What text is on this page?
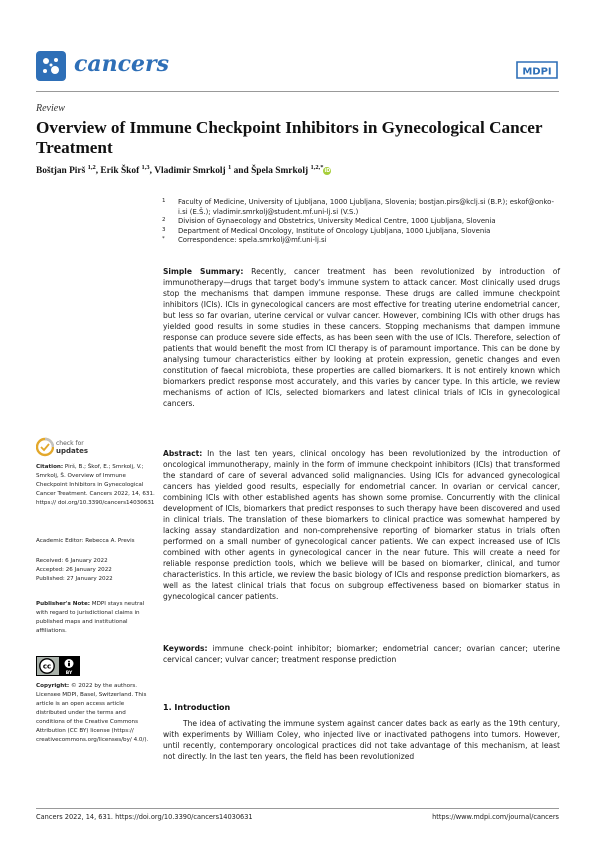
cancers	MDPI
Review
Overview of Immune Checkpoint Inhibitors in Gynecological Cancer Treatment
Boštjan Pirš $^{1,2}$, Erik Škof $^{1,3}$, Vladimir Smrkolj $^1$ and Špela Smrkolj $^{1,2,*}$iD
1 Faculty of Medicine, University of Ljubljana, 1000 Ljubljana, Slovenia; bostjan.pirs@kclj.si (B.P.); eskof@onko-i.si (E.Š.); vladimir.smrkolj@student.mf.uni-lj.si (V.S.)
2 Division of Gynaecology and Obstetrics, University Medical Centre, 1000 Ljubljana, Slovenia
3 Department of Medical Oncology, Institute of Oncology Ljubljana, 1000 Ljubljana, Slovenia
* Correspondence: spela.smrkolj@mf.uni-lj.si
Simple Summary: Recently, cancer treatment has been revolutionized by introduction of immunotherapy—drugs that target body's immune system to attack cancer. Most clinically used drugs stop the mechanisms that dampen immune response. These drugs are called immune checkpoint inhibitors (ICIs). ICIs in gynecological cancers are most effective for treating uterine endometrial cancer, but less so far ovarian, uterine cervical or vulvar cancer. However, combining ICIs with other drugs has yielded good results in some studies in these cancers. Stopping mechanisms that dampen immune response can produce severe side effects, as has been seen with the use of ICIs. Therefore, selection of patients that would benefit the most from ICI therapy is of paramount importance. This can be done by analysing tumour characteristics either by looking at protein expression, genetic changes and even constitution of faecal microbiota, these properties are called biomarkers. It is not entirely known which biomarkers predict response most accurately, and this varies by cancer type. In this article, we review mechanisms of action of ICIs, selected biomarkers and latest clinical trials of ICIs in gynecological cancers.
Abstract: In the last ten years, clinical oncology has been revolutionized by the introduction of oncological immunotherapy, mainly in the form of immune checkpoint inhibitors (ICIs) that transformed the standard of care of several advanced solid malignancies. Using ICIs for advanced gynecological cancers has yielded good results, especially for endometrial cancer. In ovarian or cervical cancer, combining ICIs with other established agents has shown some promise. Concurrently with the clinical development of ICIs, biomarkers that predict responses to such therapy have been discovered and used in clinical trials. The translation of these biomarkers to clinical practice was somewhat hampered by lacking assay standardization and non-comprehensive reporting of biomarker status in trials often performed on a small number of gynecological cancer patients. We can expect increased use of ICIs combined with other agents in gynecological cancer in the near future. This will create a need for reliable response prediction tools, which we believe will be based on biomarker, clinical, and tumor characteristics. In this article, we review the basic biology of ICIs and response prediction biomarkers, as well as the latest clinical trials that focus on subgroup effectiveness based on biomarker status in gynecological cancer patients.
Keywords: immune check-point inhibitor; biomarker; endometrial cancer; ovarian cancer; uterine cervical cancer; vulvar cancer; treatment response prediction
1. Introduction
The idea of activating the immune system against cancer dates back as early as the 19th century, with experiments by William Coley, who injected live or inactivated pathogens into tumors. However, until recently, contemporary oncological practices did not take advantage of this mechanism, at least not directly. In the last ten years, the field has been revolutionized
check for
updates
Citation: Pirš, B.; Škof, E.; Smrkolj, V.; Smrkolj, Š. Overview of Immune Checkpoint Inhibitors in Gynecological Cancer Treatment. Cancers 2022, 14, 631. https:// doi.org/10.3390/cancers14030631
Academic Editor: Rebecca A. Previs
Received: 6 January 2022
Accepted: 26 January 2022
Published: 27 January 2022
Publisher's Note: MDPI stays neutral with regard to jurisdictional claims in published maps and institutional affiliations.
cc
BY
Copyright: © 2022 by the authors. Licensee MDPI, Basel, Switzerland. This article is an open access article distributed under the terms and conditions of the Creative Commons Attribution (CC BY) license (https:// creativecommons.org/licenses/by/ 4.0/).
Cancers 2022, 14, 631. https://doi.org/10.3390/cancers14030631	https://www.mdpi.com/journal/cancers
